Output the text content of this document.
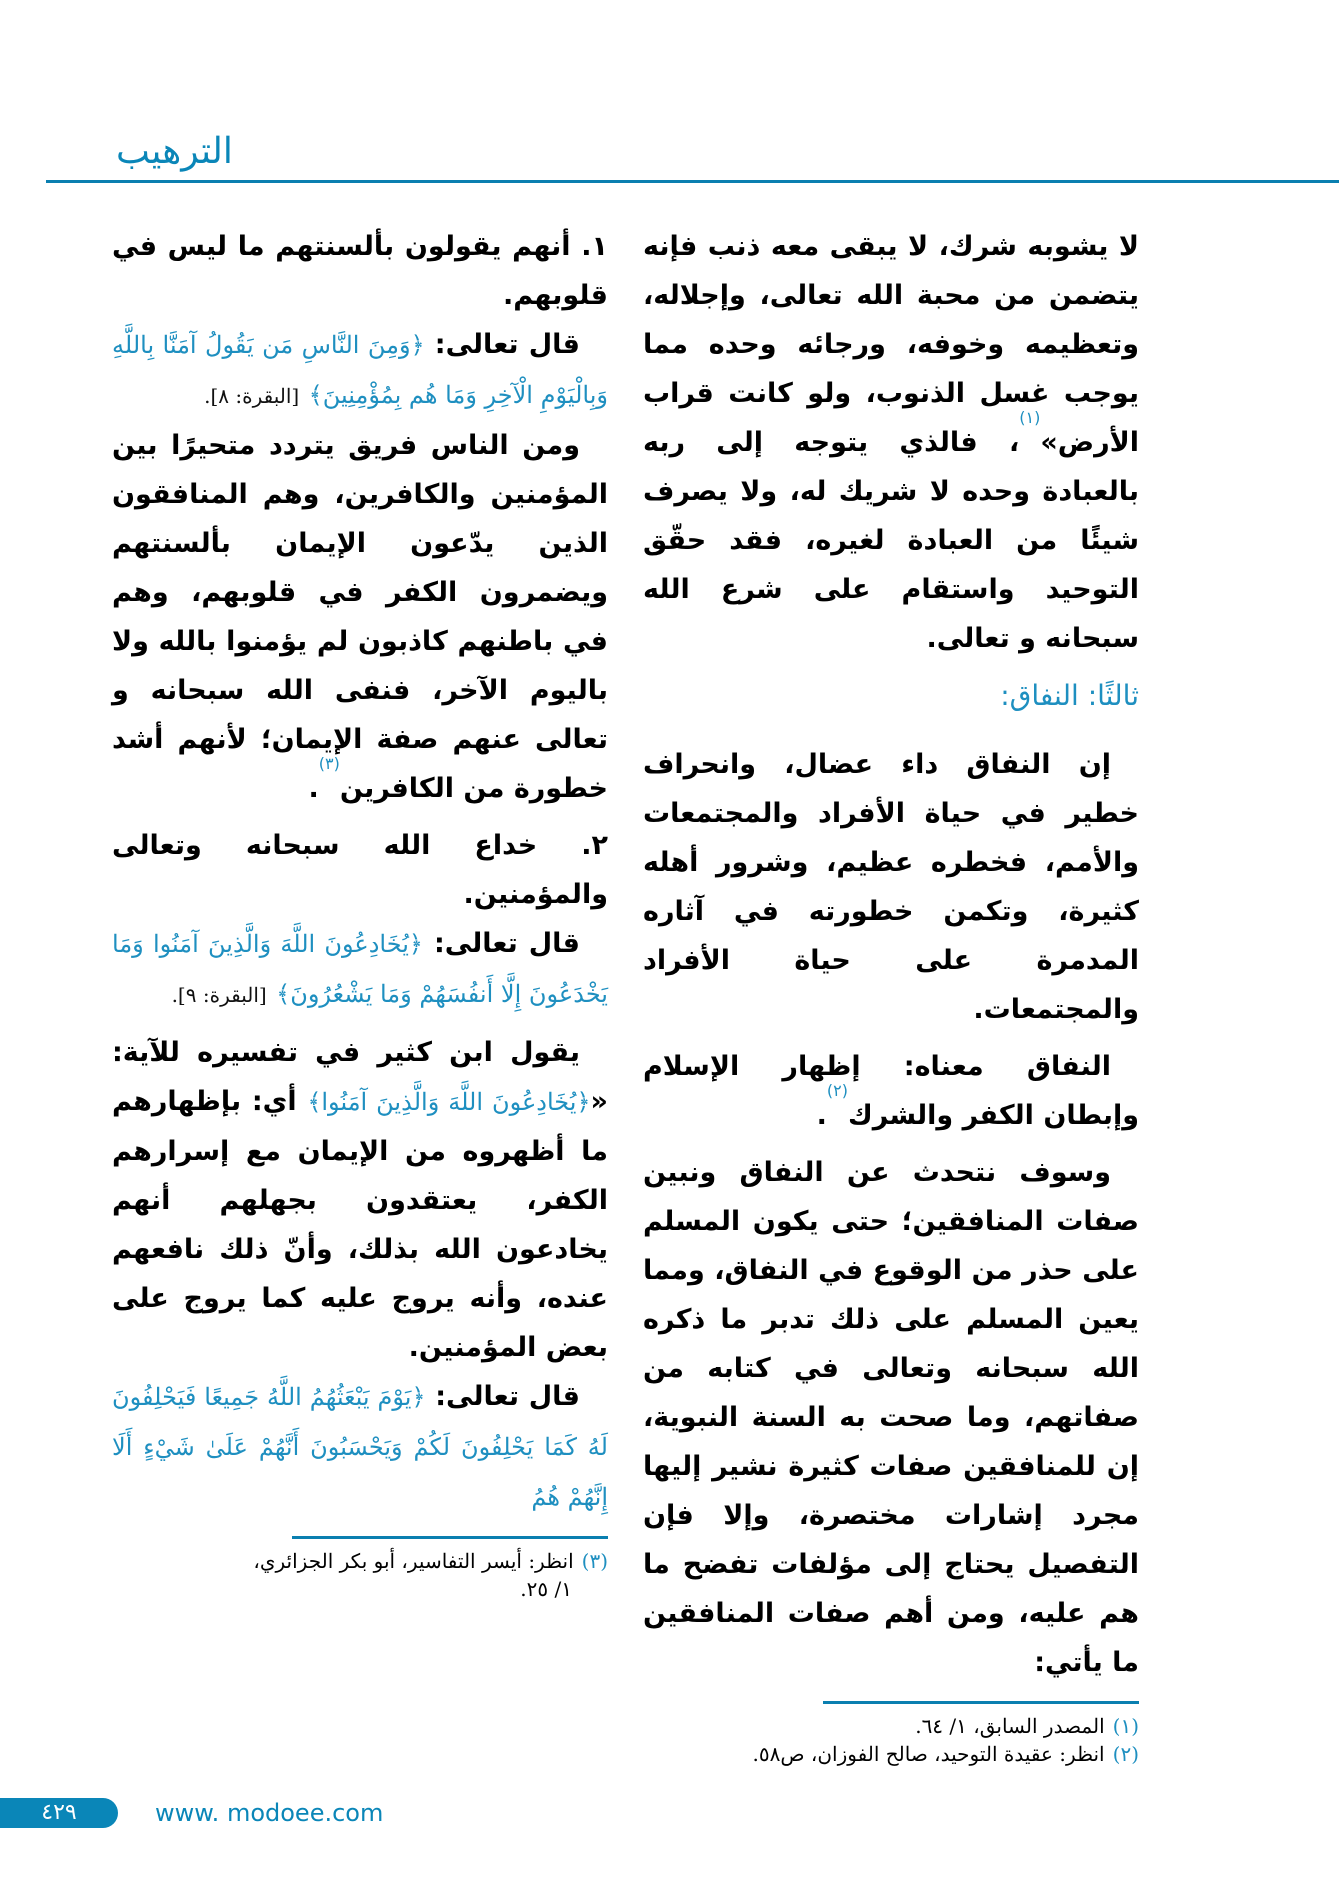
الترهيب

لا يشوبه شرك، لا يبقى معه ذنب فإنه يتضمن من محبة الله تعالى، وإجلاله، وتعظيمه وخوفه، ورجائه وحده مما يوجب غسل الذنوب، ولو كانت قراب الأرض»$^{(١)}$، فالذي يتوجه إلى ربه بالعبادة وحده لا شريك له، ولا يصرف شيئًا من العبادة لغيره، فقد حقّق التوحيد واستقام على شرع الله سبحانه و تعالى.

ثالثًا: النفاق:

إن النفاق داء عضال، وانحراف خطير في حياة الأفراد والمجتمعات والأمم، فخطره عظيم، وشرور أهله كثيرة، وتكمن خطورته في آثاره المدمرة على حياة الأفراد والمجتمعات.

النفاق معناه: إظهار الإسلام وإبطان الكفر والشرك$^{(٢)}$.

وسوف نتحدث عن النفاق ونبين صفات المنافقين؛ حتى يكون المسلم على حذر من الوقوع في النفاق، ومما يعين المسلم على ذلك تدبر ما ذكره الله سبحانه وتعالى في كتابه من صفاتهم، وما صحت به السنة النبوية، إن للمنافقين صفات كثيرة نشير إليها مجرد إشارات مختصرة، وإلا فإن التفصيل يحتاج إلى مؤلفات تفضح ما هم عليه، ومن أهم صفات المنافقين ما يأتي:

(١)المصدر السابق، ١/ ٦٤.
(٢)انظر: عقيدة التوحيد، صالح الفوزان، ص٥٨.

١. أنهم يقولون بألسنتهم ما ليس في قلوبهم.

قال تعالى: ﴿وَمِنَ النَّاسِ مَن يَقُولُ آمَنَّا بِاللَّهِ وَبِالْيَوْمِ الْآخِرِ وَمَا هُم بِمُؤْمِنِينَ﴾ [البقرة: ٨].

ومن الناس فريق يتردد متحيرًا بين المؤمنين والكافرين، وهم المنافقون الذين يدّعون الإيمان بألسنتهم ويضمرون الكفر في قلوبهم، وهم في باطنهم كاذبون لم يؤمنوا بالله ولا باليوم الآخر، فنفى الله سبحانه و تعالى عنهم صفة الإيمان؛ لأنهم أشد خطورة من الكافرين$^{(٣)}$.

٢. خداع الله سبحانه وتعالى والمؤمنين.

قال تعالى: ﴿يُخَادِعُونَ اللَّهَ وَالَّذِينَ آمَنُوا وَمَا يَخْدَعُونَ إِلَّا أَنفُسَهُمْ وَمَا يَشْعُرُونَ﴾ [البقرة: ٩].

يقول ابن كثير في تفسيره للآية: «﴿يُخَادِعُونَ اللَّهَ وَالَّذِينَ آمَنُوا﴾ أي: بإظهارهم ما أظهروه من الإيمان مع إسرارهم الكفر، يعتقدون بجهلهم أنهم يخادعون الله بذلك، وأنّ ذلك نافعهم عنده، وأنه يروج عليه كما يروج على بعض المؤمنين.

قال تعالى: ﴿يَوْمَ يَبْعَثُهُمُ اللَّهُ جَمِيعًا فَيَحْلِفُونَ لَهُ كَمَا يَحْلِفُونَ لَكُمْ وَيَحْسَبُونَ أَنَّهُمْ عَلَىٰ شَيْءٍ أَلَا إِنَّهُمْ هُمُ

(٣)انظر: أيسر التفاسير، أبو بكر الجزائري،
١/ ٢٥.
٤٢٩	www. modoee.com
